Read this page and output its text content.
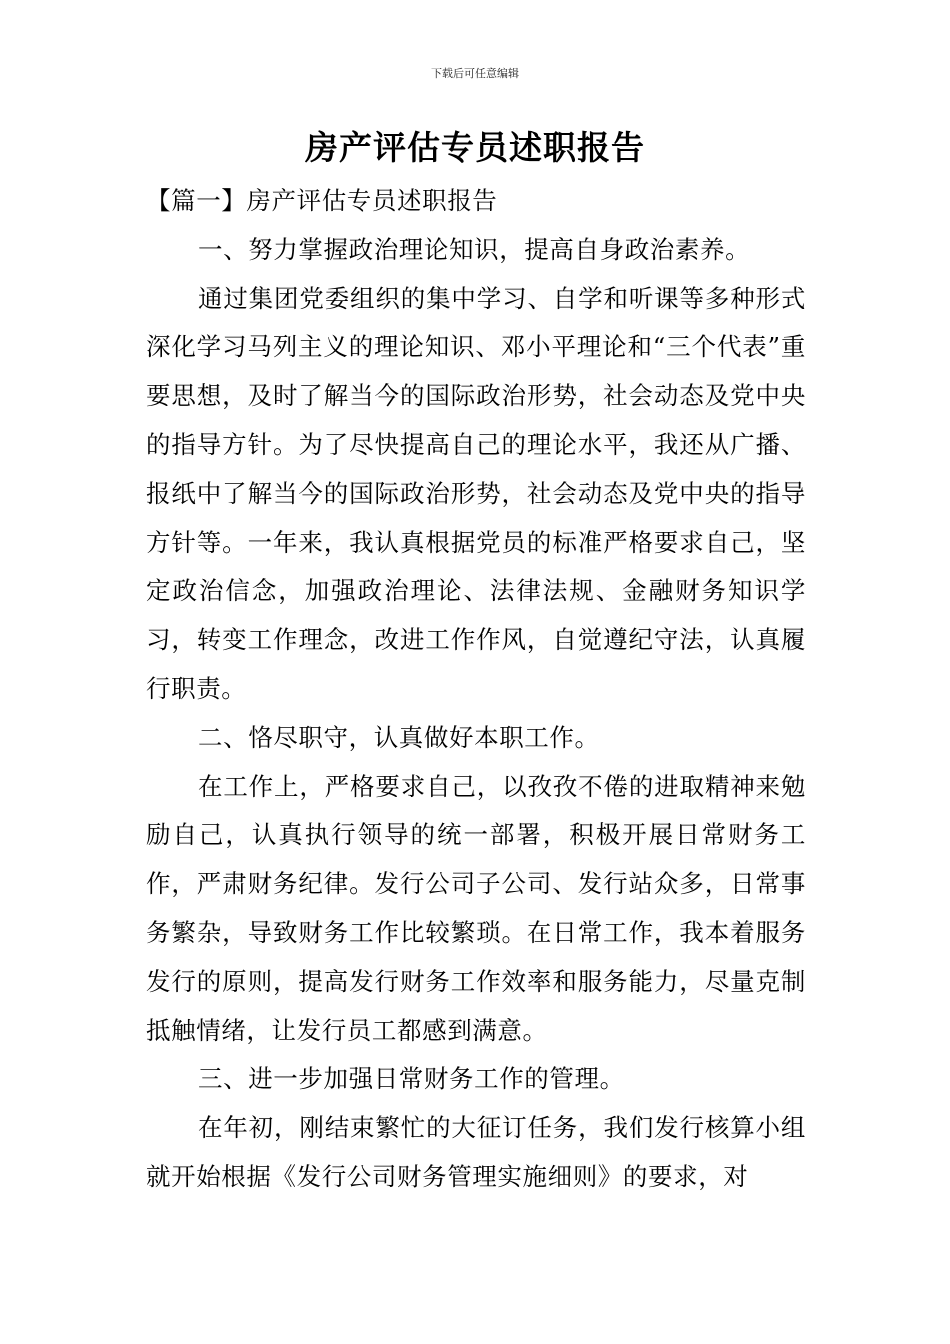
下载后可任意编辑
房产评估专员述职报告

【篇一】房产评估专员述职报告

一、努力掌握政治理论知识，提高自身政治素养。

通过集团党委组织的集中学习、自学和听课等多种形式深化学习马列主义的理论知识、邓小平理论和“三个代表”重要思想，及时了解当今的国际政治形势，社会动态及党中央的指导方针。为了尽快提高自己的理论水平，我还从广播、报纸中了解当今的国际政治形势，社会动态及党中央的指导方针等。一年来，我认真根据党员的标准严格要求自己，坚定政治信念，加强政治理论、法律法规、金融财务知识学习，转变工作理念，改进工作作风，自觉遵纪守法，认真履行职责。

二、恪尽职守，认真做好本职工作。

在工作上，严格要求自己，以孜孜不倦的进取精神来勉励自己，认真执行领导的统一部署，积极开展日常财务工作，严肃财务纪律。发行公司子公司、发行站众多，日常事务繁杂，导致财务工作比较繁琐。在日常工作，我本着服务发行的原则，提高发行财务工作效率和服务能力，尽量克制抵触情绪，让发行员工都感到满意。

三、进一步加强日常财务工作的管理。

在年初，刚结束繁忙的大征订任务，我们发行核算小组就开始根据《发行公司财务管理实施细则》的要求，对
